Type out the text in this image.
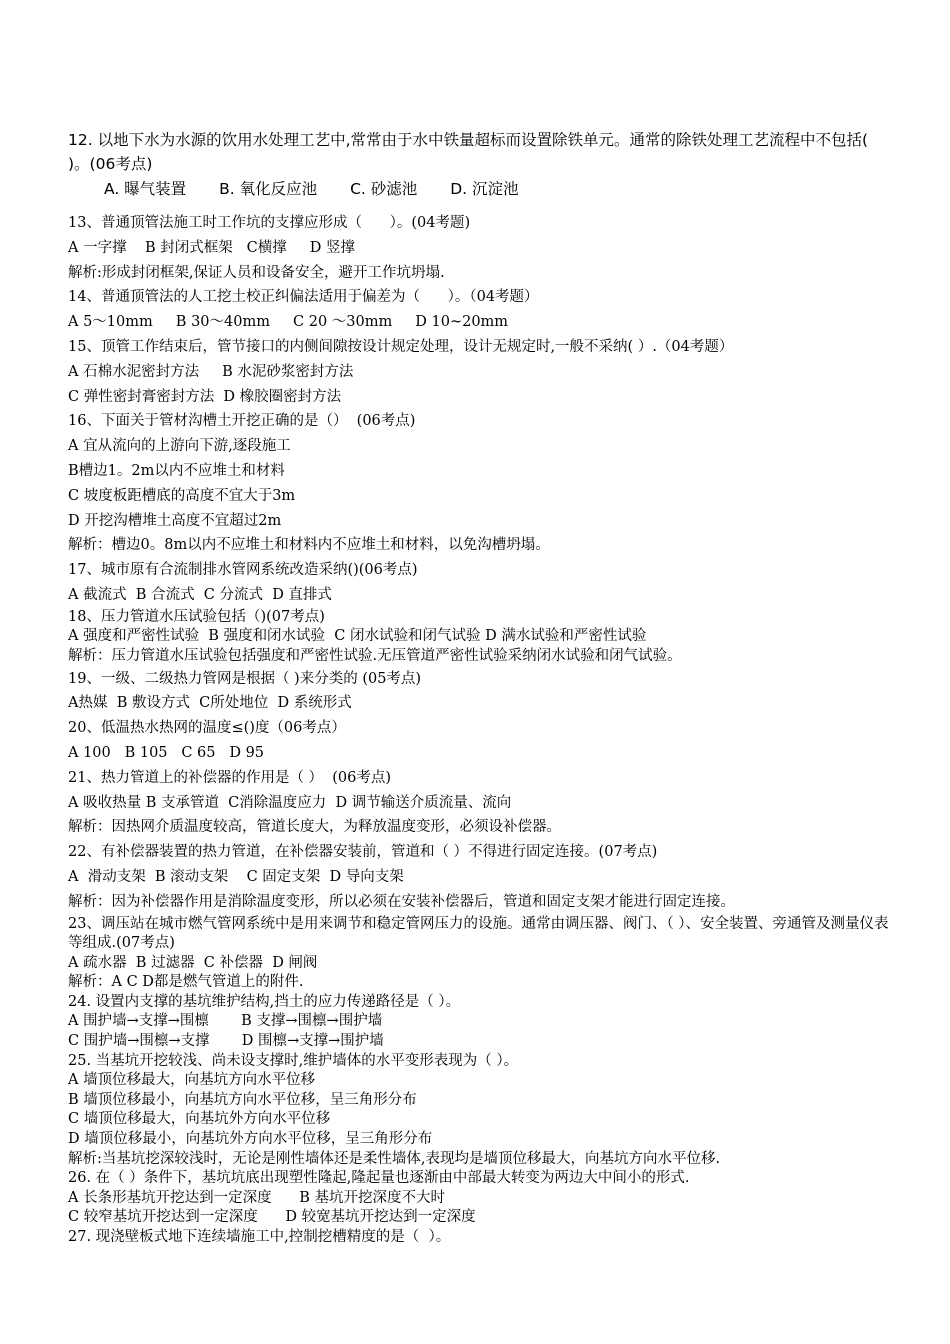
12. 以地下水为水源的饮用水处理工艺中,常常由于水中铁量超标而设置除铁单元。通常的除铁处理工艺流程中不包括( )。(06考点)
A. 曝气装置 B. 氧化反应池 C. 砂滤池 D. 沉淀池
13、普通顶管法施工时工作坑的支撑应形成（      ）。(04考题)
A 一字撑    B 封闭式框架   C横撑     D 竖撑
解析:形成封闭框架,保证人员和设备安全，避开工作坑坍塌.
14、普通顶管法的人工挖土校正纠偏法适用于偏差为（      ）。（04考题）
A 5～10mm     B 30～40mm     C 20 ～30mm     D 10~20mm
15、顶管工作结束后，管节接口的内侧间隙按设计规定处理，设计无规定时,一般不采纳( ）.（04考题）
A 石棉水泥密封方法     B 水泥砂浆密封方法
C 弹性密封膏密封方法  D 橡胶圈密封方法
16、下面关于管材沟槽土开挖正确的是（）  (06考点)
A 宜从流向的上游向下游,逐段施工
B槽边1。2m以内不应堆土和材料
C 坡度板距槽底的高度不宜大于3m
D 开挖沟槽堆土高度不宜超过2m
解析：槽边0。8m以内不应堆土和材料内不应堆土和材料，以免沟槽坍塌。
17、城市原有合流制排水管网系统改造采纳()(06考点)
A 截流式  B 合流式  C 分流式  D 直排式
18、压力管道水压试验包括（)(07考点)
A 强度和严密性试验  B 强度和闭水试验  C 闭水试验和闭气试验 D 满水试验和严密性试验
解析：压力管道水压试验包括强度和严密性试验.无压管道严密性试验采纳闭水试验和闭气试验。
19、一级、二级热力管网是根据（ )来分类的 (05考点)
A热媒  B 敷设方式  C所处地位  D 系统形式
20、低温热水热网的温度≤()度（06考点）
A 100   B 105   C 65   D 95
21、热力管道上的补偿器的作用是（ ）  (06考点)
A 吸收热量 B 支承管道  C消除温度应力  D 调节输送介质流量、流向
解析：因热网介质温度较高，管道长度大，为释放温度变形，必须设补偿器。
22、有补偿器装置的热力管道，在补偿器安装前，管道和（ ）不得进行固定连接。(07考点)
A  滑动支架  B 滚动支架    C 固定支架  D 导向支架
解析：因为补偿器作用是消除温度变形，所以必须在安装补偿器后，管道和固定支架才能进行固定连接。
23、调压站在城市燃气管网系统中是用来调节和稳定管网压力的设施。通常由调压器、阀门、（ ）、安全装置、旁通管及测量仪表等组成.(07考点)
A 疏水器  B 过滤器  C 补偿器  D 闸阀
解析：A C D都是燃气管道上的附件.
24. 设置内支撑的基坑维护结构,挡土的应力传递路径是（ ）。
A 围护墙→支撑→围檩       B 支撑→围檩→围护墙
C 围护墙→围檩→支撑       D 围檩→支撑→围护墙
25. 当基坑开挖较浅、尚未设支撑时,维护墙体的水平变形表现为（ ）。
A 墙顶位移最大，向基坑方向水平位移
B 墙顶位移最小，向基坑方向水平位移，呈三角形分布
C 墙顶位移最大，向基坑外方向水平位移
D 墙顶位移最小，向基坑外方向水平位移，呈三角形分布
解析:当基坑挖深较浅时，无论是刚性墙体还是柔性墙体,表现均是墙顶位移最大，向基坑方向水平位移.
26. 在（ ）条件下，基坑坑底出现塑性隆起,隆起量也逐渐由中部最大转变为两边大中间小的形式.
A 长条形基坑开挖达到一定深度      B 基坑开挖深度不大时
C 较窄基坑开挖达到一定深度      D 较宽基坑开挖达到一定深度
27. 现浇壁板式地下连续墙施工中,控制挖槽精度的是（  ）。
